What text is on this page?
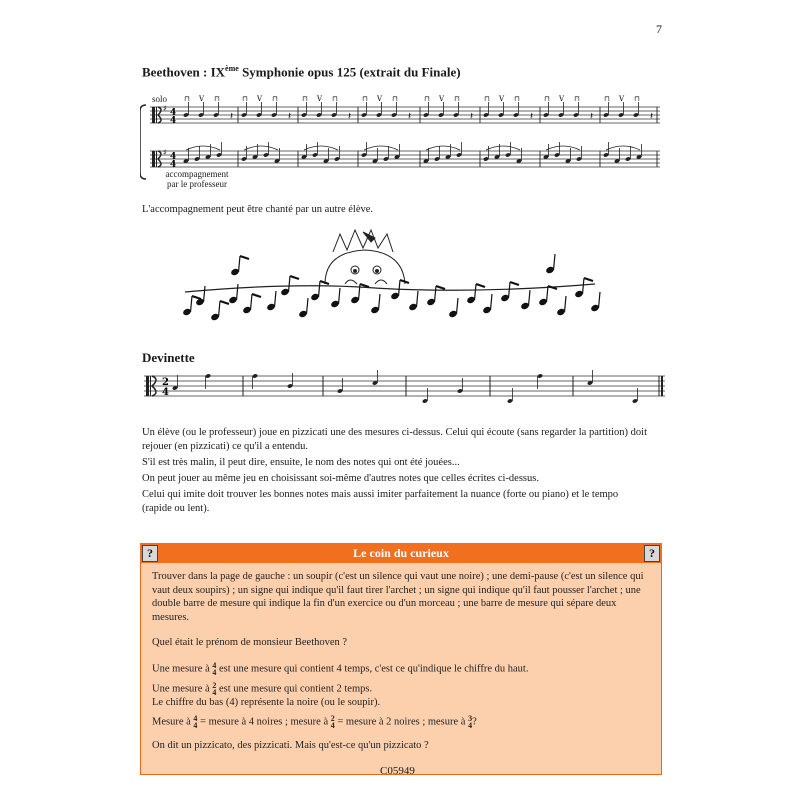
7
Beethoven : IXème Symphonie opus 125 (extrait du Finale)
solo
accompagnement
par le professeur
♯
♯
4
4
4
4
⊓ V ⊓
𝄽
⊓ V ⊓
𝄽
⊓ V ⊓
𝄽
⊓ V ⊓
𝄽
⊓ V ⊓
𝄽
⊓ V ⊓
𝄽
⊓ V ⊓
𝄽
⊓ V ⊓
𝄽
L'accompagnement peut être chanté par un autre élève.
Devinette
2
4
Un élève (ou le professeur) joue en pizzicati une des mesures ci-dessus. Celui qui écoute (sans regarder la partition) doit
rejouer (en pizzicati) ce qu'il a entendu.
S'il est très malin, il peut dire, ensuite, le nom des notes qui ont été jouées...
On peut jouer au même jeu en choisissant soi-même d'autres notes que celles écrites ci-dessus.
Celui qui imite doit trouver les bonnes notes mais aussi imiter parfaitement la nuance (forte ou piano) et le tempo
(rapide ou lent).
Le coin du curieux
?	?
Trouver dans la page de gauche : un soupir (c'est un silence qui vaut une noire) ; une demi-pause (c'est un silence qui
vaut deux soupirs) ; un signe qui indique qu'il faut tirer l'archet ; un signe qui indique qu'il faut pousser l'archet ; une
double barre de mesure qui indique la fin d'un exercice ou d'un morceau ; une barre de mesure qui sépare deux
mesures.
Quel était le prénom de monsieur Beethoven ?
Une mesure à 4
4 est une mesure qui contient 4 temps, c'est ce qu'indique le chiffre du haut.
Une mesure à 2
4 est une mesure qui contient 2 temps.
Le chiffre du bas (4) représente la noire (ou le soupir).
Mesure à 4
4 = mesure à 4 noires ; mesure à 2
4 = mesure à 2 noires ; mesure à 3
4?
On dit un pizzicato, des pizzicati. Mais qu'est-ce qu'un pizzicato ?
C05949
